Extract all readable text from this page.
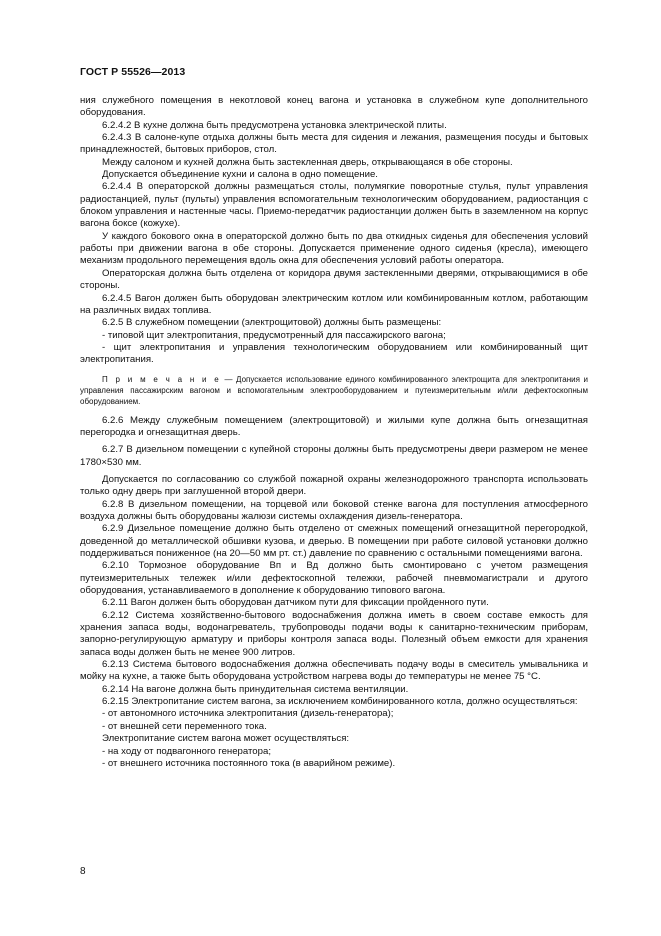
ГОСТ Р 55526—2013

ния служебного помещения в некотловой конец вагона и установка в служебном купе дополнительного оборудования.

6.2.4.2 В кухне должна быть предусмотрена установка электрической плиты.

6.2.4.3 В салоне-купе отдыха должны быть места для сидения и лежания, размещения посуды и бытовых принадлежностей, бытовых приборов, стол.

Между салоном и кухней должна быть застекленная дверь, открывающаяся в обе стороны.

Допускается объединение кухни и салона в одно помещение.

6.2.4.4 В операторской должны размещаться столы, полумягкие поворотные стулья, пульт управления радиостанцией, пульт (пульты) управления вспомогательным технологическим оборудованием, радиостанция с блоком управления и настенные часы. Приемо-передатчик радиостанции должен быть в заземленном на корпус вагона боксе (кожухе).

У каждого бокового окна в операторской должно быть по два откидных сиденья для обеспечения условий работы при движении вагона в обе стороны. Допускается применение одного сиденья (кресла), имеющего механизм продольного перемещения вдоль окна для обеспечения условий работы оператора.

Операторская должна быть отделена от коридора двумя застекленными дверями, открывающимися в обе стороны.

6.2.4.5 Вагон должен быть оборудован электрическим котлом или комбинированным котлом, работающим на различных видах топлива.

6.2.5 В служебном помещении (электрощитовой) должны быть размещены:

- типовой щит электропитания, предусмотренный для пассажирского вагона;

- щит электропитания и управления технологическим оборудованием или комбинированный щит электропитания.

П р и м е ч а н и е — Допускается использование единого комбинированного электрощита для электропитания и управления пассажирским вагоном и вспомогательным электрооборудованием и путеизмерительным и/или дефектоскопным оборудованием.

6.2.6 Между служебным помещением (электрощитовой) и жилыми купе должна быть огнезащитная перегородка и огнезащитная дверь.

6.2.7 В дизельном помещении с купейной стороны должны быть предусмотрены двери размером не менее 1780×530 мм.

Допускается по согласованию со службой пожарной охраны железнодорожного транспорта использовать только одну дверь при заглушенной второй двери.

6.2.8 В дизельном помещении, на торцевой или боковой стенке вагона для поступления атмосферного воздуха должны быть оборудованы жалюзи системы охлаждения дизель-генератора.

6.2.9 Дизельное помещение должно быть отделено от смежных помещений огнезащитной перегородкой, доведенной до металлической обшивки кузова, и дверью. В помещении при работе силовой установки должно поддерживаться пониженное (на 20—50 мм рт. ст.) давление по сравнению с остальными помещениями вагона.

6.2.10 Тормозное оборудование Вп и Вд должно быть смонтировано с учетом размещения путеизмерительных тележек и/или дефектоскопной тележки, рабочей пневмомагистрали и другого оборудования, устанавливаемого в дополнение к оборудованию типового вагона.

6.2.11 Вагон должен быть оборудован датчиком пути для фиксации пройденного пути.

6.2.12 Система хозяйственно-бытового водоснабжения должна иметь в своем составе емкость для хранения запаса воды, водонагреватель, трубопроводы подачи воды к санитарно-техническим приборам, запорно-регулирующую арматуру и приборы контроля запаса воды. Полезный объем емкости для хранения запаса воды должен быть не менее 900 литров.

6.2.13 Система бытового водоснабжения должна обеспечивать подачу воды в смеситель умывальника и мойку на кухне, а также быть оборудована устройством нагрева воды до температуры не менее 75 °С.

6.2.14 На вагоне должна быть принудительная система вентиляции.

6.2.15 Электропитание систем вагона, за исключением комбинированного котла, должно осуществляться:

- от автономного источника электропитания (дизель-генератора);

- от внешней сети переменного тока.

Электропитание систем вагона может осуществляться:

- на ходу от подвагонного генератора;

- от внешнего источника постоянного тока (в аварийном режиме).

8
